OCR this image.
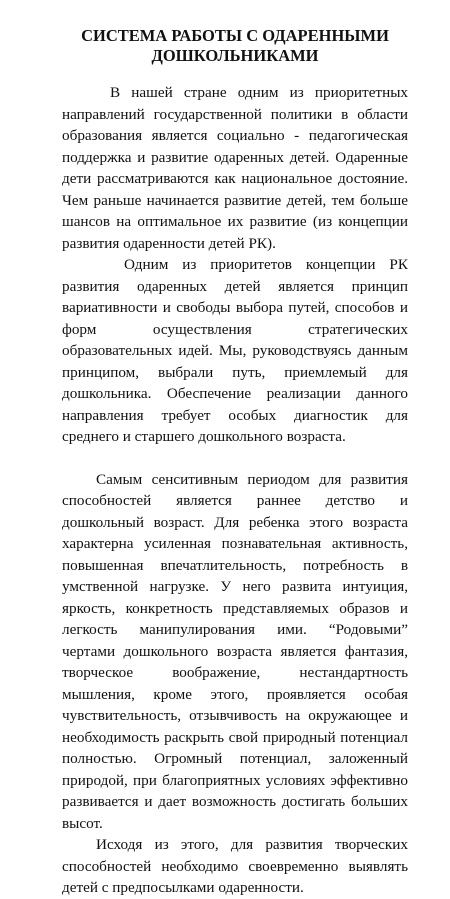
СИСТЕМА РАБОТЫ С ОДАРЕННЫМИ ДОШКОЛЬНИКАМИ

В нашей стране одним из приоритетных направлений государственной политики в области образования является социально - педагогическая поддержка и развитие одаренных детей. Одаренные дети рассматриваются как национальное достояние. Чем раньше начинается развитие детей, тем больше шансов на оптимальное их развитие (из концепции развития одаренности детей РК).

Одним из приоритетов концепции РК развития одаренных детей является принцип вариативности и свободы выбора путей, способов и форм осуществления стратегических образовательных идей. Мы, руководствуясь данным принципом, выбрали путь, приемлемый для дошкольника. Обеспечение реализации данного направления требует особых диагностик для среднего и старшего дошкольного возраста.

Самым сенситивным периодом для развития способностей является раннее детство и дошкольный возраст. Для ребенка этого возраста характерна усиленная познавательная активность, повышенная впечатлительность, потребность в умственной нагрузке. У него развита интуиция, яркость, конкретность представляемых образов и легкость манипулирования ими. “Родовыми” чертами дошкольного возраста является фантазия, творческое воображение, нестандартность мышления, кроме этого, проявляется особая чувствительность, отзывчивость на окружающее и необходимость раскрыть свой природный потенциал полностью. Огромный потенциал, заложенный природой, при благоприятных условиях эффективно развивается и дает возможность достигать больших высот.

Исходя из этого, для развития творческих способностей необходимо своевременно выявлять детей с предпосылками одаренности.
